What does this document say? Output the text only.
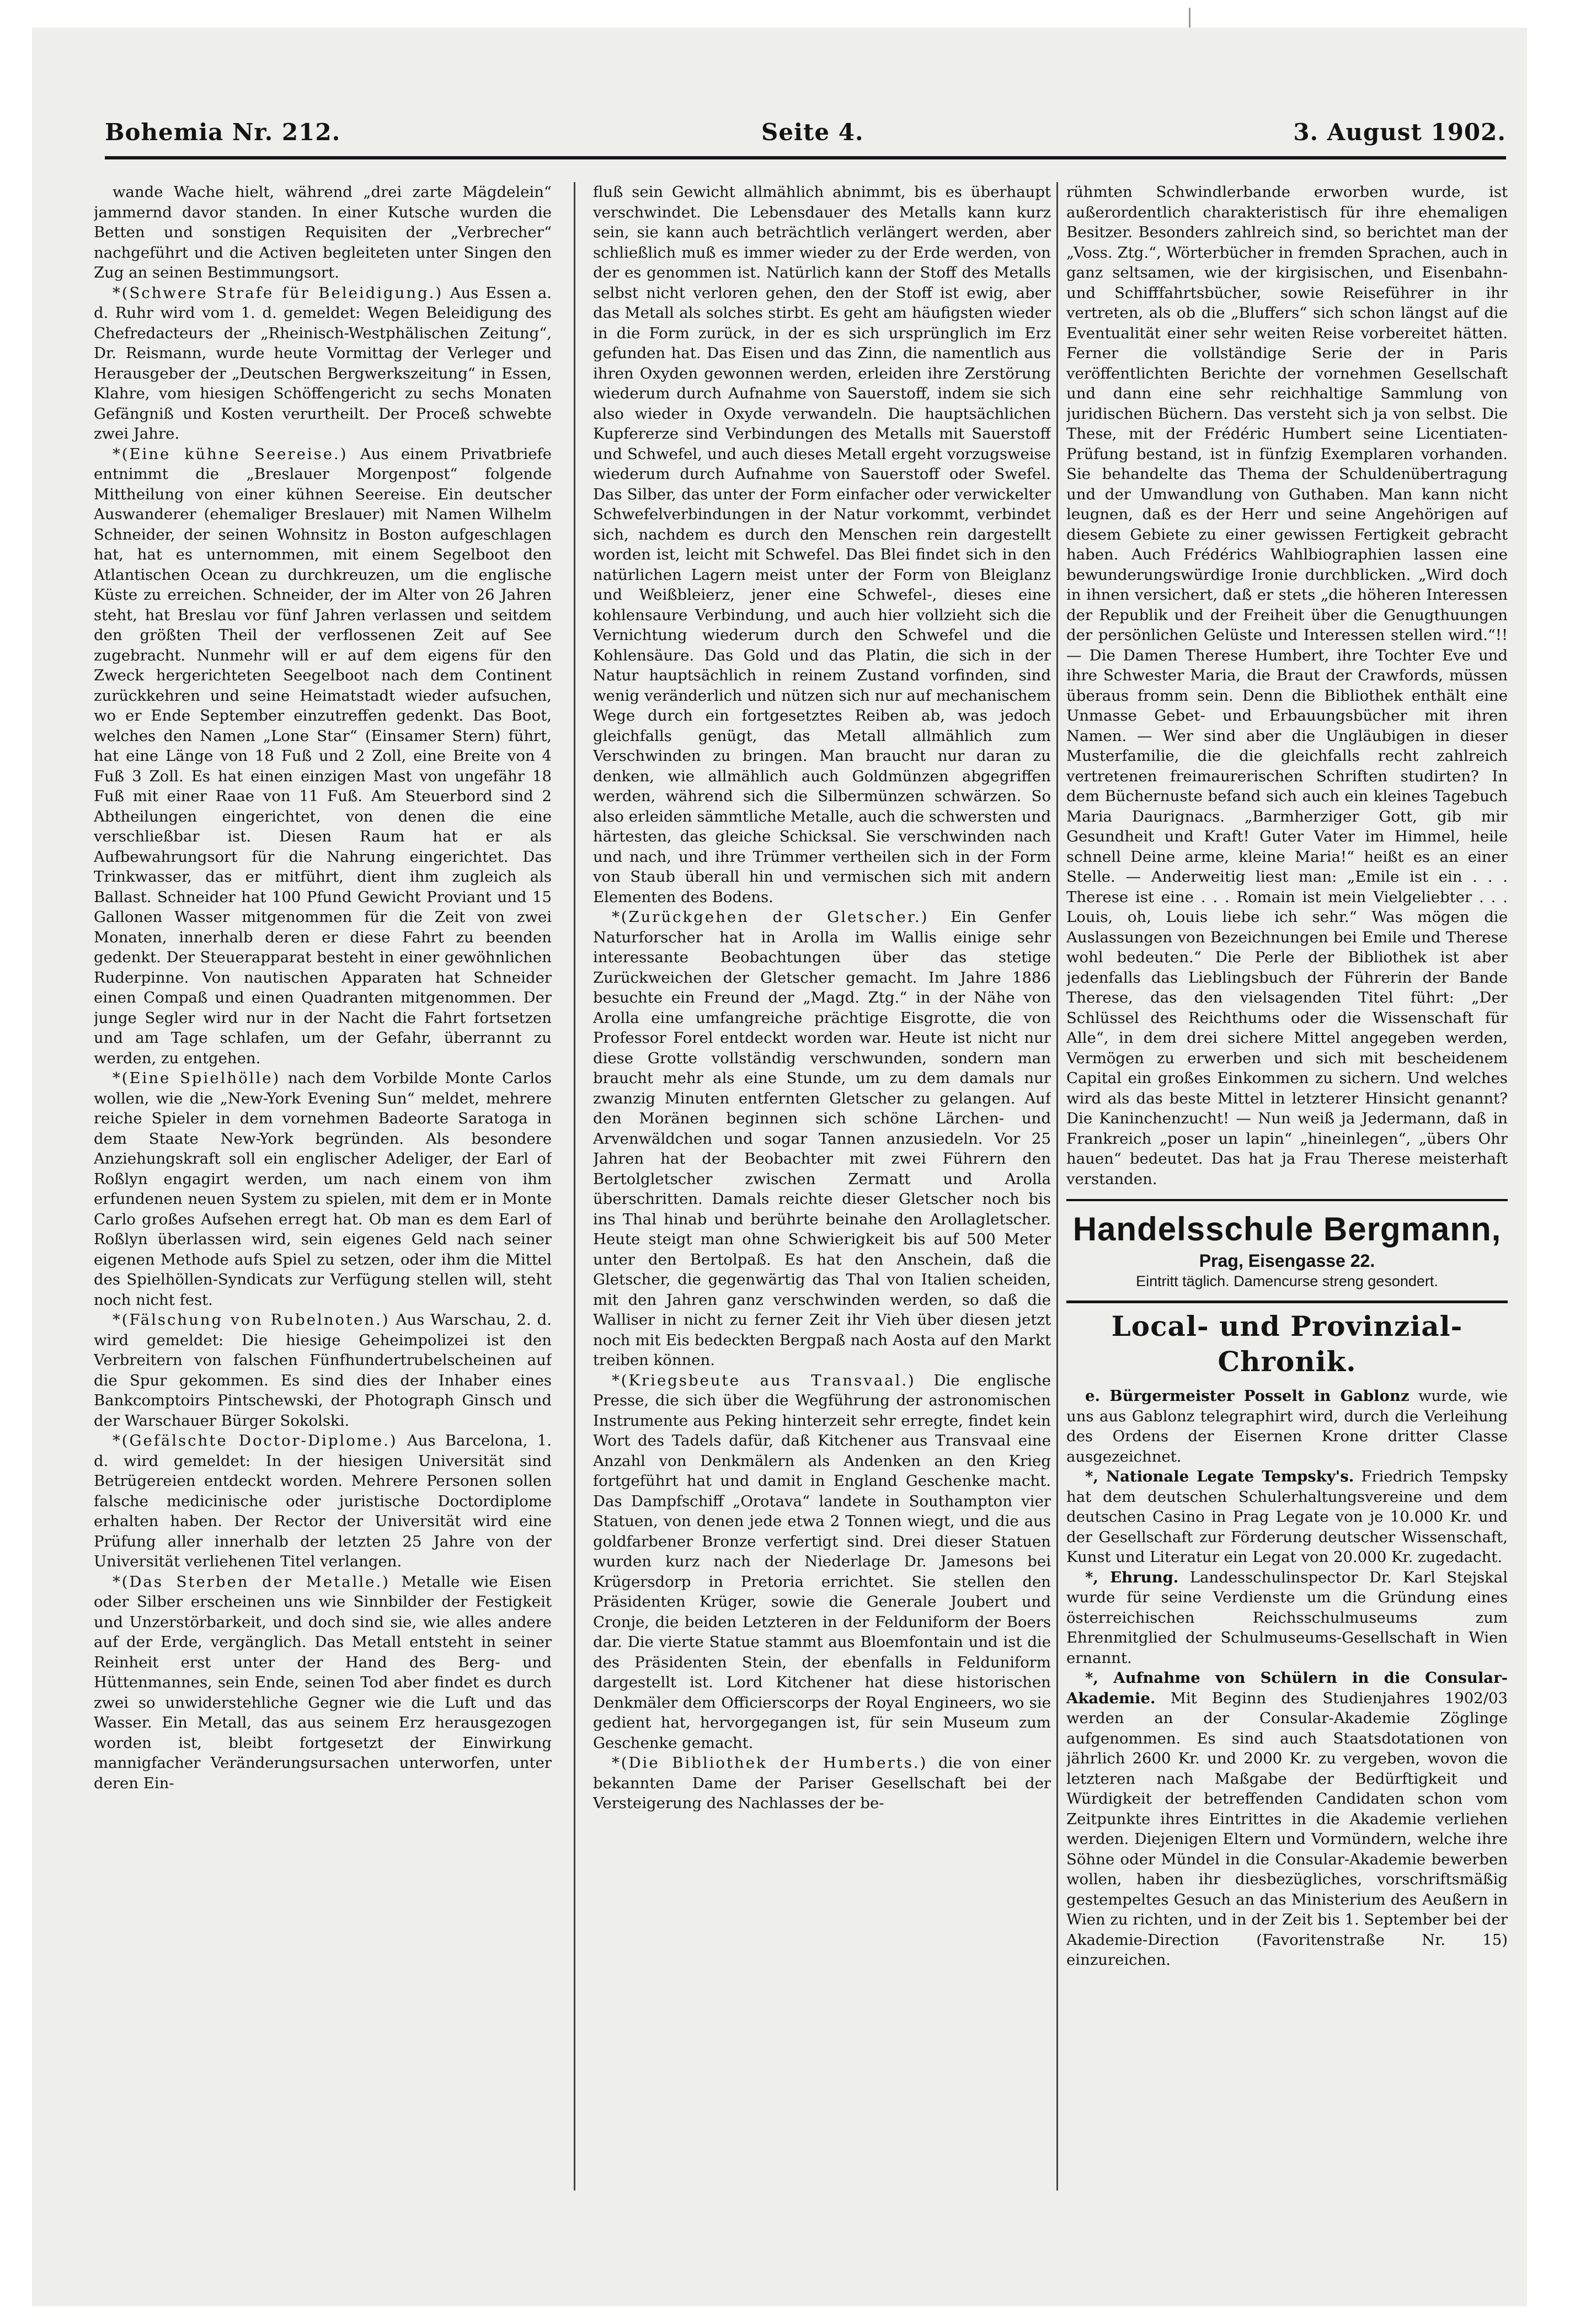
Bohemia Nr. 212.	Seite 4.	3. August 1902.

wande Wache hielt, während „drei zarte Mägdelein“ jammernd davor standen. In einer Kutsche wurden die Betten und sonstigen Requisiten der „Verbrecher“ nachgeführt und die Activen begleiteten unter Singen den Zug an seinen Bestimmungsort.

*(Schwere Strafe für Beleidigung.) Aus Essen a. d. Ruhr wird vom 1. d. gemeldet: Wegen Beleidigung des Chefredacteurs der „Rheinisch-Westphälischen Zeitung“, Dr. Reismann, wurde heute Vormittag der Verleger und Herausgeber der „Deutschen Bergwerkszeitung“ in Essen, Klahre, vom hiesigen Schöffengericht zu sechs Monaten Gefängniß und Kosten verurtheilt. Der Proceß schwebte zwei Jahre.

*(Eine kühne Seereise.) Aus einem Privatbriefe entnimmt die „Breslauer Morgenpost“ folgende Mittheilung von einer kühnen Seereise. Ein deutscher Auswanderer (ehemaliger Breslauer) mit Namen Wilhelm Schneider, der seinen Wohnsitz in Boston aufgeschlagen hat, hat es unternommen, mit einem Segelboot den Atlantischen Ocean zu durchkreuzen, um die englische Küste zu erreichen. Schneider, der im Alter von 26 Jahren steht, hat Breslau vor fünf Jahren verlassen und seitdem den größten Theil der verflossenen Zeit auf See zugebracht. Nunmehr will er auf dem eigens für den Zweck hergerichteten Seegelboot nach dem Continent zurückkehren und seine Heimatstadt wieder aufsuchen, wo er Ende September einzutreffen gedenkt. Das Boot, welches den Namen „Lone Star“ (Einsamer Stern) führt, hat eine Länge von 18 Fuß und 2 Zoll, eine Breite von 4 Fuß 3 Zoll. Es hat einen einzigen Mast von ungefähr 18 Fuß mit einer Raae von 11 Fuß. Am Steuerbord sind 2 Abtheilungen eingerichtet, von denen die eine verschließbar ist. Diesen Raum hat er als Aufbewahrungsort für die Nahrung eingerichtet. Das Trinkwasser, das er mitführt, dient ihm zugleich als Ballast. Schneider hat 100 Pfund Gewicht Proviant und 15 Gallonen Wasser mitgenommen für die Zeit von zwei Monaten, innerhalb deren er diese Fahrt zu beenden gedenkt. Der Steuerapparat besteht in einer gewöhnlichen Ruderpinne. Von nautischen Apparaten hat Schneider einen Compaß und einen Quadranten mitgenommen. Der junge Segler wird nur in der Nacht die Fahrt fortsetzen und am Tage schlafen, um der Gefahr, überrannt zu werden, zu entgehen.

*(Eine Spielhölle) nach dem Vorbilde Monte Carlos wollen, wie die „New-York Evening Sun“ meldet, mehrere reiche Spieler in dem vornehmen Badeorte Saratoga in dem Staate New-York begründen. Als besondere Anziehungskraft soll ein englischer Adeliger, der Earl of Roßlyn engagirt werden, um nach einem von ihm erfundenen neuen System zu spielen, mit dem er in Monte Carlo großes Aufsehen erregt hat. Ob man es dem Earl of Roßlyn überlassen wird, sein eigenes Geld nach seiner eigenen Methode aufs Spiel zu setzen, oder ihm die Mittel des Spielhöllen-Syndicats zur Verfügung stellen will, steht noch nicht fest.

*(Fälschung von Rubelnoten.) Aus Warschau, 2. d. wird gemeldet: Die hiesige Geheimpolizei ist den Verbreitern von falschen Fünfhundertrubelscheinen auf die Spur gekommen. Es sind dies der Inhaber eines Bankcomptoirs Pintschewski, der Photograph Ginsch und der Warschauer Bürger Sokolski.

*(Gefälschte Doctor-Diplome.) Aus Barcelona, 1. d. wird gemeldet: In der hiesigen Universität sind Betrügereien entdeckt worden. Mehrere Personen sollen falsche medicinische oder juristische Doctordiplome erhalten haben. Der Rector der Universität wird eine Prüfung aller innerhalb der letzten 25 Jahre von der Universität verliehenen Titel verlangen.

*(Das Sterben der Metalle.) Metalle wie Eisen oder Silber erscheinen uns wie Sinnbilder der Festigkeit und Unzerstörbarkeit, und doch sind sie, wie alles andere auf der Erde, vergänglich. Das Metall entsteht in seiner Reinheit erst unter der Hand des Berg- und Hüttenmannes, sein Ende, seinen Tod aber findet es durch zwei so unwiderstehliche Gegner wie die Luft und das Wasser. Ein Metall, das aus seinem Erz herausgezogen worden ist, bleibt fortgesetzt der Einwirkung mannigfacher Veränderungsursachen unterworfen, unter deren Ein-

fluß sein Gewicht allmählich abnimmt, bis es überhaupt verschwindet. Die Lebensdauer des Metalls kann kurz sein, sie kann auch beträchtlich verlängert werden, aber schließlich muß es immer wieder zu der Erde werden, von der es genommen ist. Natürlich kann der Stoff des Metalls selbst nicht verloren gehen, den der Stoff ist ewig, aber das Metall als solches stirbt. Es geht am häufigsten wieder in die Form zurück, in der es sich ursprünglich im Erz gefunden hat. Das Eisen und das Zinn, die namentlich aus ihren Oxyden gewonnen werden, erleiden ihre Zerstörung wiederum durch Aufnahme von Sauerstoff, indem sie sich also wieder in Oxyde verwandeln. Die hauptsächlichen Kupfererze sind Verbindungen des Metalls mit Sauerstoff und Schwefel, und auch dieses Metall ergeht vorzugsweise wiederum durch Aufnahme von Sauerstoff oder Swefel. Das Silber, das unter der Form einfacher oder verwickelter Schwefelverbindungen in der Natur vorkommt, verbindet sich, nachdem es durch den Menschen rein dargestellt worden ist, leicht mit Schwefel. Das Blei findet sich in den natürlichen Lagern meist unter der Form von Bleiglanz und Weißbleierz, jener eine Schwefel-, dieses eine kohlensaure Verbindung, und auch hier vollzieht sich die Vernichtung wiederum durch den Schwefel und die Kohlensäure. Das Gold und das Platin, die sich in der Natur hauptsächlich in reinem Zustand vorfinden, sind wenig veränderlich und nützen sich nur auf mechanischem Wege durch ein fortgesetztes Reiben ab, was jedoch gleichfalls genügt, das Metall allmählich zum Verschwinden zu bringen. Man braucht nur daran zu denken, wie allmählich auch Goldmünzen abgegriffen werden, während sich die Silbermünzen schwärzen. So also erleiden sämmtliche Metalle, auch die schwersten und härtesten, das gleiche Schicksal. Sie verschwinden nach und nach, und ihre Trümmer vertheilen sich in der Form von Staub überall hin und vermischen sich mit andern Elementen des Bodens.

*(Zurückgehen der Gletscher.) Ein Genfer Naturforscher hat in Arolla im Wallis einige sehr interessante Beobachtungen über das stetige Zurückweichen der Gletscher gemacht. Im Jahre 1886 besuchte ein Freund der „Magd. Ztg.“ in der Nähe von Arolla eine umfangreiche prächtige Eisgrotte, die von Professor Forel entdeckt worden war. Heute ist nicht nur diese Grotte vollständig verschwunden, sondern man braucht mehr als eine Stunde, um zu dem damals nur zwanzig Minuten entfernten Gletscher zu gelangen. Auf den Moränen beginnen sich schöne Lärchen- und Arvenwäldchen und sogar Tannen anzusiedeln. Vor 25 Jahren hat der Beobachter mit zwei Führern den Bertolgletscher zwischen Zermatt und Arolla überschritten. Damals reichte dieser Gletscher noch bis ins Thal hinab und berührte beinahe den Arollagletscher. Heute steigt man ohne Schwierigkeit bis auf 500 Meter unter den Bertolpaß. Es hat den Anschein, daß die Gletscher, die gegenwärtig das Thal von Italien scheiden, mit den Jahren ganz verschwinden werden, so daß die Walliser in nicht zu ferner Zeit ihr Vieh über diesen jetzt noch mit Eis bedeckten Bergpaß nach Aosta auf den Markt treiben können.

*(Kriegsbeute aus Transvaal.) Die englische Presse, die sich über die Wegführung der astronomischen Instrumente aus Peking hinterzeit sehr erregte, findet kein Wort des Tadels dafür, daß Kitchener aus Transvaal eine Anzahl von Denkmälern als Andenken an den Krieg fortgeführt hat und damit in England Geschenke macht. Das Dampfschiff „Orotava“ landete in Southampton vier Statuen, von denen jede etwa 2 Tonnen wiegt, und die aus goldfarbener Bronze verfertigt sind. Drei dieser Statuen wurden kurz nach der Niederlage Dr. Jamesons bei Krügersdorp in Pretoria errichtet. Sie stellen den Präsidenten Krüger, sowie die Generale Joubert und Cronje, die beiden Letzteren in der Felduniform der Boers dar. Die vierte Statue stammt aus Bloemfontain und ist die des Präsidenten Stein, der ebenfalls in Felduniform dargestellt ist. Lord Kitchener hat diese historischen Denkmäler dem Officierscorps der Royal Engineers, wo sie gedient hat, hervorgegangen ist, für sein Museum zum Geschenke gemacht.

*(Die Bibliothek der Humberts.) die von einer bekannten Dame der Pariser Gesellschaft bei der Versteigerung des Nachlasses der be-

rühmten Schwindlerbande erworben wurde, ist außerordentlich charakteristisch für ihre ehemaligen Besitzer. Besonders zahlreich sind, so berichtet man der „Voss. Ztg.“, Wörterbücher in fremden Sprachen, auch in ganz seltsamen, wie der kirgisischen, und Eisenbahn- und Schifffahrtsbücher, sowie Reiseführer in ihr vertreten, als ob die „Bluffers“ sich schon längst auf die Eventualität einer sehr weiten Reise vorbereitet hätten. Ferner die vollständige Serie der in Paris veröffentlichten Berichte der vornehmen Gesellschaft und dann eine sehr reichhaltige Sammlung von juridischen Büchern. Das versteht sich ja von selbst. Die These, mit der Frédéric Humbert seine Licentiaten-Prüfung bestand, ist in fünfzig Exemplaren vorhanden. Sie behandelte das Thema der Schuldenübertragung und der Umwandlung von Guthaben. Man kann nicht leugnen, daß es der Herr und seine Angehörigen auf diesem Gebiete zu einer gewissen Fertigkeit gebracht haben. Auch Frédérics Wahlbiographien lassen eine bewunderungswürdige Ironie durchblicken. „Wird doch in ihnen versichert, daß er stets „die höheren Interessen der Republik und der Freiheit über die Genugthuungen der persönlichen Gelüste und Interessen stellen wird.“!! — Die Damen Therese Humbert, ihre Tochter Eve und ihre Schwester Maria, die Braut der Crawfords, müssen überaus fromm sein. Denn die Bibliothek enthält eine Unmasse Gebet- und Erbauungsbücher mit ihren Namen. — Wer sind aber die Ungläubigen in dieser Musterfamilie, die die gleichfalls recht zahlreich vertretenen freimaurerischen Schriften studirten? In dem Büchernuste befand sich auch ein kleines Tagebuch Maria Daurignacs. „Barmherziger Gott, gib mir Gesundheit und Kraft! Guter Vater im Himmel, heile schnell Deine arme, kleine Maria!“ heißt es an einer Stelle. — Anderweitig liest man: „Emile ist ein . . . Therese ist eine . . . Romain ist mein Vielgeliebter . . . Louis, oh, Louis liebe ich sehr.“ Was mögen die Auslassungen von Bezeichnungen bei Emile und Therese wohl bedeuten.“ Die Perle der Bibliothek ist aber jedenfalls das Lieblingsbuch der Führerin der Bande Therese, das den vielsagenden Titel führt: „Der Schlüssel des Reichthums oder die Wissenschaft für Alle“, in dem drei sichere Mittel angegeben werden, Vermögen zu erwerben und sich mit bescheidenem Capital ein großes Einkommen zu sichern. Und welches wird als das beste Mittel in letzterer Hinsicht genannt? Die Kaninchenzucht! — Nun weiß ja Jedermann, daß in Frankreich „poser un lapin“ „hineinlegen“, „übers Ohr hauen“ bedeutet. Das hat ja Frau Therese meisterhaft verstanden.

Handelsschule Bergmann,
Prag, Eisengasse 22.
Eintritt täglich. Damencurse streng gesondert.
Local- und Provinzial-Chronik.

e. Bürgermeister Posselt in Gablonz wurde, wie uns aus Gablonz telegraphirt wird, durch die Verleihung des Ordens der Eisernen Krone dritter Classe ausgezeichnet.

*, Nationale Legate Tempsky's. Friedrich Tempsky hat dem deutschen Schulerhaltungsvereine und dem deutschen Casino in Prag Legate von je 10.000 Kr. und der Gesellschaft zur Förderung deutscher Wissenschaft, Kunst und Literatur ein Legat von 20.000 Kr. zugedacht.

*, Ehrung. Landesschulinspector Dr. Karl Stejskal wurde für seine Verdienste um die Gründung eines österreichischen Reichsschulmuseums zum Ehrenmitglied der Schulmuseums-Gesellschaft in Wien ernannt.

*, Aufnahme von Schülern in die Consular-Akademie. Mit Beginn des Studienjahres 1902/03 werden an der Consular-Akademie Zöglinge aufgenommen. Es sind auch Staatsdotationen von jährlich 2600 Kr. und 2000 Kr. zu vergeben, wovon die letzteren nach Maßgabe der Bedürftigkeit und Würdigkeit der betreffenden Candidaten schon vom Zeitpunkte ihres Eintrittes in die Akademie verliehen werden. Diejenigen Eltern und Vormündern, welche ihre Söhne oder Mündel in die Consular-Akademie bewerben wollen, haben ihr diesbezügliches, vorschriftsmäßig gestempeltes Gesuch an das Ministerium des Aeußern in Wien zu richten, und in der Zeit bis 1. September bei der Akademie-Direction (Favoritenstraße Nr. 15) einzureichen.
